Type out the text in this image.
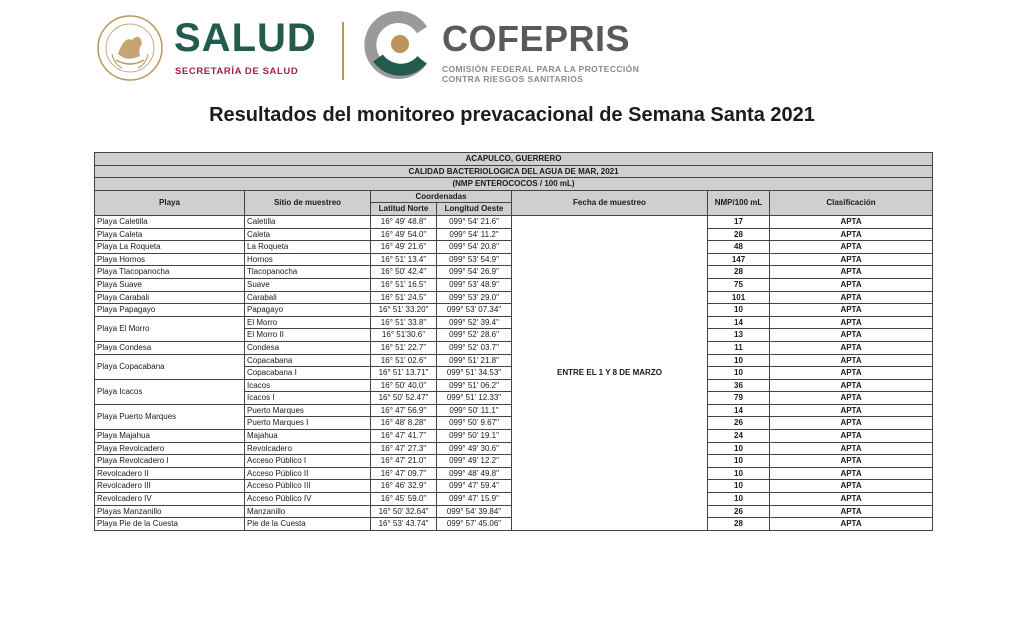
SALUD
SECRETARÍA DE SALUD
COFEPRIS
COMISIÓN FEDERAL PARA LA PROTECCIÓN
CONTRA RIESGOS SANITARIOS
Resultados del monitoreo prevacacional de Semana Santa 2021
ACAPULCO, GUERRERO						
CALIDAD BACTERIOLOGICA DEL AGUA DE MAR, 2021						
(NMP ENTEROCOCOS / 100 mL)						
Playa	Sitio de muestreo	Coordenadas		Fecha de muestreo	NMP/100 mL	Clasificación
		Latitud Norte	Longitud Oeste			
Playa Caletilla	Caletilla	16° 49' 48.8"	099° 54' 21.6"	ENTRE EL 1 Y 8 DE MARZO	17	APTA
Playa Caleta	Caleta	16° 49' 54.0"	099° 54' 11.2"		28	APTA
Playa La Roqueta	La Roqueta	16° 49' 21.6"	099° 54' 20.8"		48	APTA
Playa Hornos	Hornos	16° 51' 13.4"	099° 53' 54.9"		147	APTA
Playa Tlacopanocha	Tlacopanocha	16° 50' 42.4"	099° 54' 26.9"		28	APTA
Playa Suave	Suave	16° 51' 16.5"	099° 53' 48.9"		75	APTA
Playa Carabali	Carabali	16° 51' 24.5"	099° 53' 29.0"		101	APTA
Playa Papagayo	Papagayo	16° 51' 33.20"	099° 53' 07.34"		10	APTA
Playa El Morro	El Morro	16° 51' 33.8"	099° 52' 39.4"		14	APTA
	El Morro II	16° 51'30.6"	099° 52' 28.6"		13	APTA
Playa Condesa	Condesa	16° 51' 22.7"	099° 52' 03.7"		11	APTA
Playa Copacabana	Copacabana	16° 51' 02.6"	099° 51' 21.8"		10	APTA
	Copacabana I	16° 51' 13.71"	099° 51' 34.53"		10	APTA
Playa Icacos	Icacos	16° 50' 40.0"	099° 51' 06.2"		36	APTA
	Icacos I	16° 50' 52.47"	099° 51' 12.33"		79	APTA
Playa Puerto Marques	Puerto Marques	16° 47' 56.9"	099° 50' 11.1"		14	APTA
	Puerto Marques I	16° 48' 8.28"	099° 50' 9.67"		26	APTA
Playa Majahua	Majahua	16° 47' 41.7"	099° 50' 19.1"		24	APTA
Playa Revolcadero	Revolcadero	16° 47' 27.3"	099° 49' 30.6"		10	APTA
Playa Revolcadero I	Acceso Público I	16° 47' 21.0"	099° 49' 12.2"		10	APTA
Revolcadero II	Acceso Público II	16° 47' 09.7"	099° 48' 49.8"		10	APTA
Revolcadero III	Acceso Público III	16° 46' 32.9"	099° 47' 59.4"		10	APTA
Revolcadero IV	Acceso Público IV	16° 45' 59.0"	099° 47' 15.9"		10	APTA
Playas Manzanillo	Manzanillo	16° 50' 32.64"	099° 54' 39.84"		26	APTA
Playa Pie de la Cuesta	Pie de la Cuesta	16° 53' 43.74"	099° 57' 45.06"		28	APTA
